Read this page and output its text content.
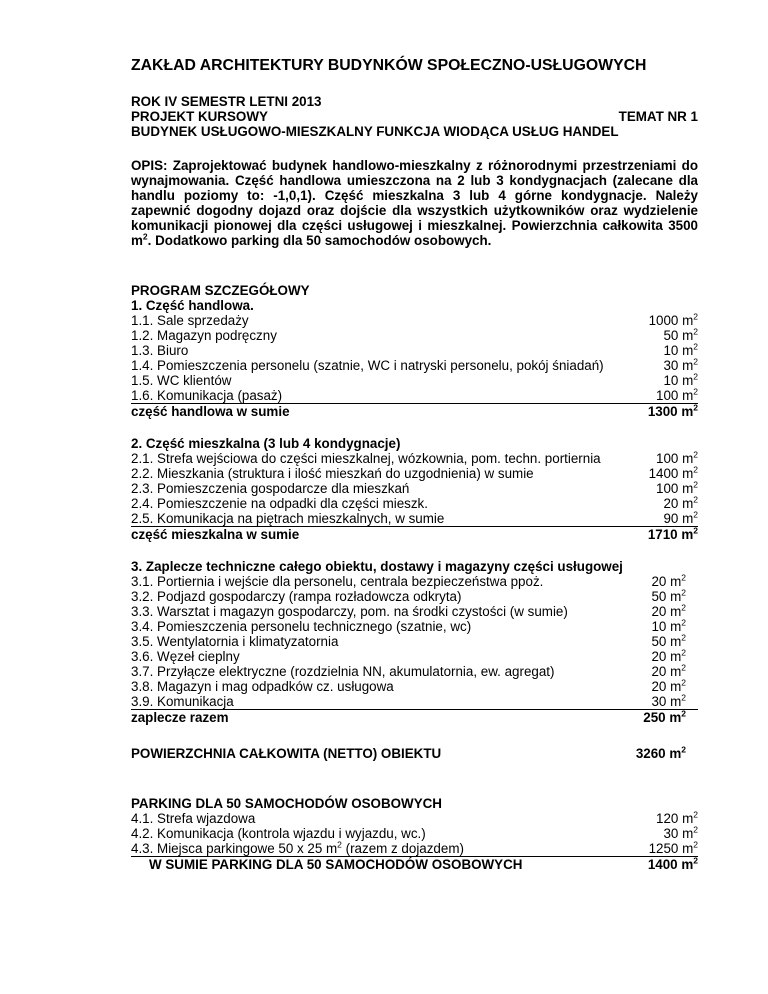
ZAKŁAD ARCHITEKTURY BUDYNKÓW SPOŁECZNO-USŁUGOWYCH
ROK IV SEMESTR LETNI 2013
PROJEKT KURSOWY	TEMAT NR 1
BUDYNEK USŁUGOWO-MIESZKALNY FUNKCJA WIODĄCA USŁUG HANDEL
OPIS: Zaprojektować budynek handlowo-mieszkalny z różnorodnymi przestrzeniami do wynajmowania. Część handlowa umieszczona na 2 lub 3 kondygnacjach (zalecane dla handlu poziomy to: -1,0,1). Część mieszkalna 3 lub 4 górne kondygnacje. Należy zapewnić dogodny dojazd oraz dojście dla wszystkich użytkowników oraz wydzielenie komunikacji pionowej dla części usługowej i mieszkalnej. Powierzchnia całkowita 3500 $m^2$. Dodatkowo parking dla 50 samochodów osobowych.
PROGRAM SZCZEGÓŁOWY
1. Część handlowa.
1.1. Sale sprzedaży	1000 $m^2$
1.2. Magazyn podręczny	50 $m^2$
1.3. Biuro	10 $m^2$
1.4. Pomieszczenia personelu (szatnie, WC i natryski personelu, pokój śniadań)	30 $m^2$
1.5. WC klientów	10 $m^2$
1.6. Komunikacja (pasaż)	100 $m^2$
część handlowa w sumie	1300 $m^2$
2. Część mieszkalna (3 lub 4 kondygnacje)
2.1. Strefa wejściowa do części mieszkalnej, wózkownia, pom. techn. portiernia	100 $m^2$
2.2. Mieszkania (struktura i ilość mieszkań do uzgodnienia) w sumie	1400 $m^2$
2.3. Pomieszczenia gospodarcze dla mieszkań	100 $m^2$
2.4. Pomieszczenie na odpadki dla części mieszk.	20 $m^2$
2.5. Komunikacja na piętrach mieszkalnych, w sumie	90 $m^2$
część mieszkalna w sumie	1710 $m^2$
3. Zaplecze techniczne całego obiektu, dostawy i magazyny części usługowej
3.1. Portiernia i wejście dla personelu, centrala bezpieczeństwa ppoż.	20 $m^2$
3.2. Podjazd gospodarczy (rampa rozładowcza odkryta)	50 $m^2$
3.3. Warsztat i magazyn gospodarczy, pom. na środki czystości (w sumie)	20 $m^2$
3.4. Pomieszczenia personelu technicznego (szatnie, wc)	10 $m^2$
3.5. Wentylatornia i klimatyzatornia	50 $m^2$
3.6. Węzeł cieplny	20 $m^2$
3.7. Przyłącze elektryczne (rozdzielnia NN, akumulatornia, ew. agregat)	20 $m^2$
3.8. Magazyn i mag odpadków cz. usługowa	20 $m^2$
3.9. Komunikacja	30 $m^2$
zaplecze razem	250 $m^2$
POWIERZCHNIA CAŁKOWITA (NETTO) OBIEKTU	3260 $m^2$
PARKING DLA 50 SAMOCHODÓW OSOBOWYCH
4.1. Strefa wjazdowa	120 $m^2$
4.2. Komunikacja (kontrola wjazdu i wyjazdu, wc.)	30 $m^2$
4.3. Miejsca parkingowe 50 x 25 $m^2$ (razem z dojazdem)	1250 $m^2$
W SUMIE PARKING DLA 50 SAMOCHODÓW OSOBOWYCH	1400 $m^2$
